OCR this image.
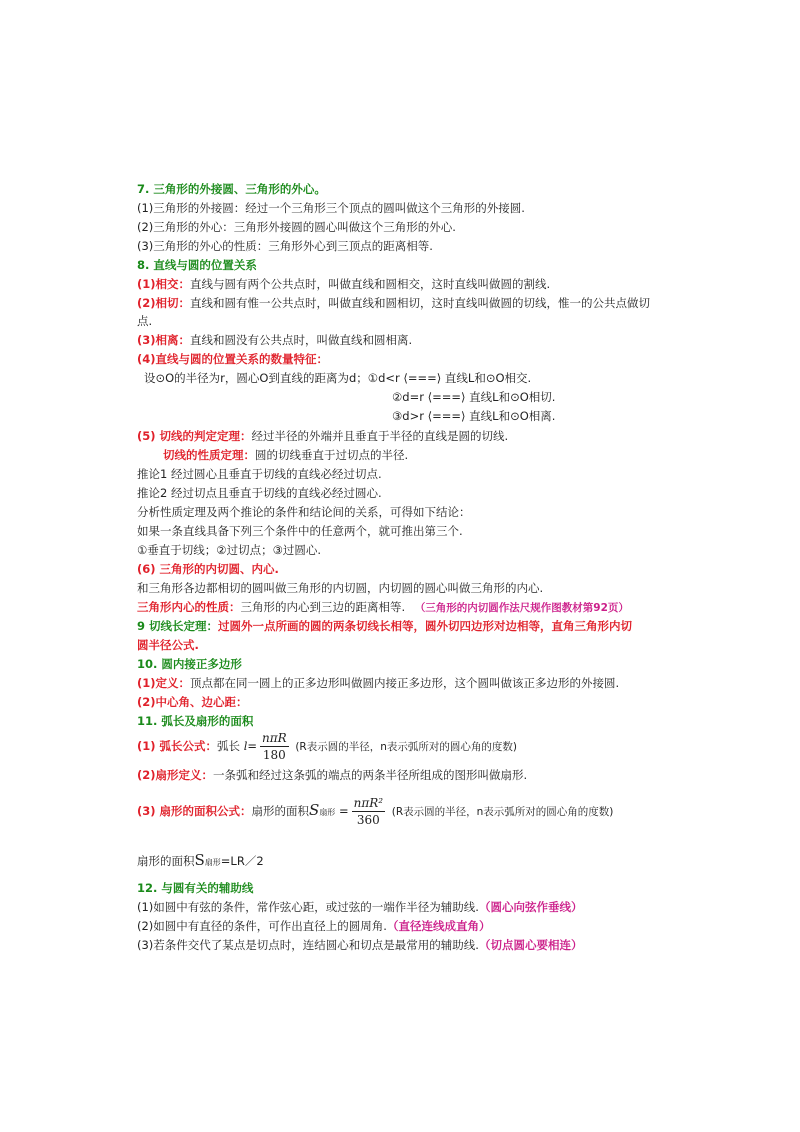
7. 三角形的外接圆、三角形的外心。
(1)三角形的外接圆：经过一个三角形三个顶点的圆叫做这个三角形的外接圆.
(2)三角形的外心：三角形外接圆的圆心叫做这个三角形的外心.
(3)三角形的外心的性质：三角形外心到三顶点的距离相等.
8. 直线与圆的位置关系
(1)相交：直线与圆有两个公共点时，叫做直线和圆相交，这时直线叫做圆的割线.
(2)相切：直线和圆有惟一公共点时，叫做直线和圆相切，这时直线叫做圆的切线，惟一的公共点做切
点.
(3)相离：直线和圆没有公共点时，叫做直线和圆相离.
(4)直线与圆的位置关系的数量特征：
设⊙O的半径为r，圆心O到直线的距离为d；①d<r ⟨===⟩ 直线L和⊙O相交.
②d=r ⟨===⟩ 直线L和⊙O相切.
③d>r ⟨===⟩ 直线L和⊙O相离.
(5) 切线的判定定理：经过半径的外端并且垂直于半径的直线是圆的切线.
切线的性质定理：圆的切线垂直于过切点的半径.
推论1 经过圆心且垂直于切线的直线必经过切点.
推论2 经过切点且垂直于切线的直线必经过圆心.
分析性质定理及两个推论的条件和结论间的关系，可得如下结论：
如果一条直线具备下列三个条件中的任意两个，就可推出第三个.
①垂直于切线；②过切点；③过圆心.
(6) 三角形的内切圆、内心.
和三角形各边都相切的圆叫做三角形的内切圆，内切圆的圆心叫做三角形的内心.
三角形内心的性质：三角形的内心到三边的距离相等. （三角形的内切圆作法尺规作图教材第92页）
9 切线长定理：过圆外一点所画的圆的两条切线长相等，圆外切四边形对边相等，直角三角形内切
圆半径公式.
10. 圆内接正多边形
(1)定义：顶点都在同一圆上的正多边形叫做圆内接正多边形，这个圆叫做该正多边形的外接圆.
(2)中心角、边心距：
11. 弧长及扇形的面积
(1) 弧长公式：弧长 $l= \frac{\text{nπR}}{180} (R$表示圆的半径，n表示弧所对的圆心角的度数)
(2)扇形定义：一条弧和经过这条弧的端点的两条半径所组成的图形叫做扇形.
(3) 扇形的面积公式：扇形的面积S扇形 = $\frac{\text{nπR²}}{360} (R$表示圆的半径，n表示弧所对的圆心角的度数)
扇形的面积S扇形=LR／2
12. 与圆有关的辅助线
(1)如圆中有弦的条件，常作弦心距，或过弦的一端作半径为辅助线.（圆心向弦作垂线）
(2)如圆中有直径的条件，可作出直径上的圆周角.（直径连线成直角）
(3)若条件交代了某点是切点时，连结圆心和切点是最常用的辅助线.（切点圆心要相连）
